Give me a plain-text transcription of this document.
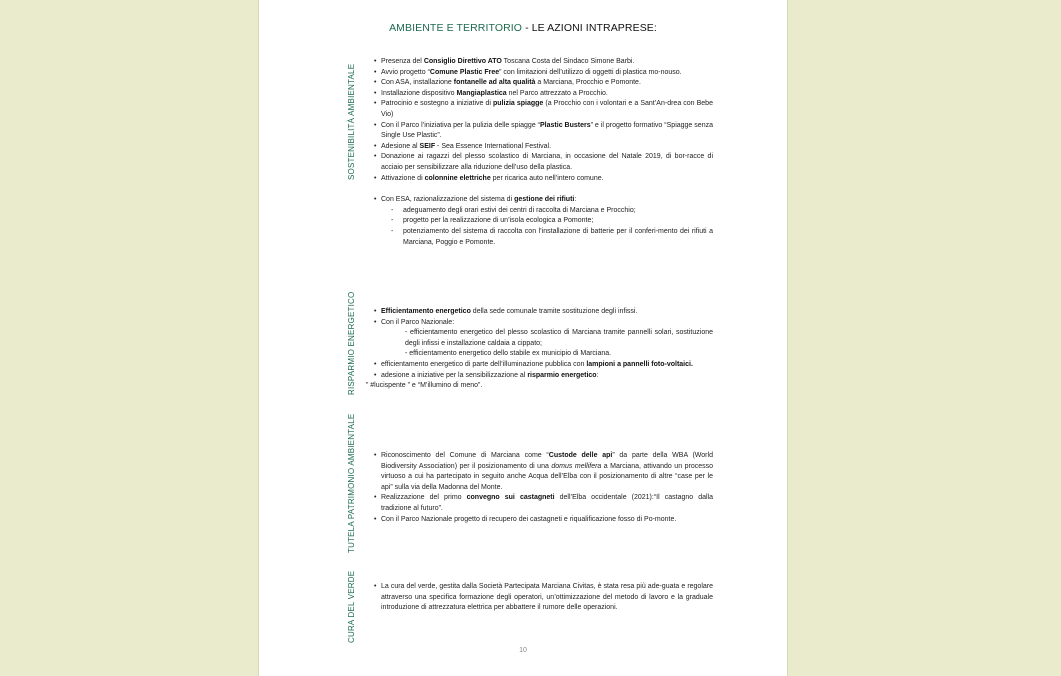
AMBIENTE E TERRITORIO - LE AZIONI INTRAPRESE:
SOSTENIBILITÀ AMBIENTALE
• Presenza del Consiglio Direttivo ATO Toscana Costa del Sindaco Simone Barbi.
• Avvio progetto “Comune Plastic Free” con limitazioni dell’utilizzo di oggetti di plastica mo-nouso.
• Con ASA, installazione fontanelle ad alta qualità a Marciana, Procchio e Pomonte.
• Installazione dispositivo Mangiaplastica nel Parco attrezzato a Procchio.
• Patrocinio e sostegno a iniziative di pulizia spiagge (a Procchio con i volontari e a Sant’An-drea con Bebe Vio)
• Con il Parco l’iniziativa per la pulizia delle spiagge “Plastic Busters” e il progetto formativo “Spiagge senza Single Use Plastic”.
• Adesione al SEIF - Sea Essence International Festival.
• Donazione ai ragazzi del plesso scolastico di Marciana, in occasione del Natale 2019, di bor-racce di acciaio per sensibilizzare alla riduzione dell’uso della plastica.
• Attivazione di colonnine elettriche per ricarica auto nell’intero comune.
• Con ESA, razionalizzazione del sistema di gestione dei rifiuti:
- adeguamento degli orari estivi dei centri di raccolta di Marciana e Procchio;
- progetto per la realizzazione di un’isola ecologica a Pomonte;
- potenziamento del sistema di raccolta con l’installazione di batterie per il conferi-mento dei rifiuti a Marciana, Poggio e Pomonte.
RISPARMIO ENERGETICO	• Efficientamento energetico della sede comunale tramite sostituzione degli infissi.
• Con il Parco Nazionale:
- efficientamento energetico del plesso scolastico di Marciana tramite pannelli solari, sostituzione degli infissi e installazione caldaia a cippato;
- efficientamento energetico dello stabile ex municipio di Marciana.
• efficientamento energetico di parte dell’illuminazione pubblica con lampioni a pannelli foto-voltaici.
• adesione a iniziative per la sensibilizzazione al risparmio energetico:
” #lucispente ” e “M’illumino di meno”.
TUTELA PATRIMONIO AMBIENTALE	• Riconoscimento del Comune di Marciana come “Custode delle api” da parte della WBA (World Biodiversity Association) per il posizionamento di una domus mellifera a Marciana, attivando un processo virtuoso a cui ha partecipato in seguito anche Acqua dell’Elba con il posizionamento di altre “case per le api” sulla via della Madonna del Monte.
• Realizzazione del primo convegno sui castagneti dell’Elba occidentale (2021):“Il castagno dalla tradizione al futuro”.
• Con il Parco Nazionale progetto di recupero dei castagneti e riqualificazione fosso di Po-monte.
CURA DEL VERDE	• La cura del verde, gestita dalla Società Partecipata Marciana Civitas, è stata resa più ade-guata e regolare attraverso una specifica formazione degli operatori, un’ottimizzazione del metodo di lavoro e la graduale introduzione di attrezzatura elettrica per abbattere il rumore delle operazioni.
10
